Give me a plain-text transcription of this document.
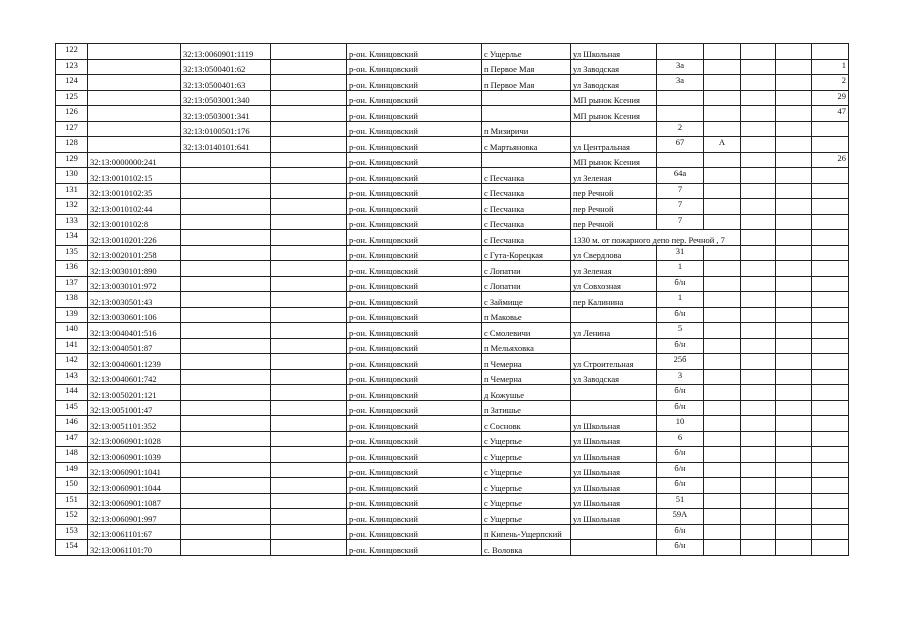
122		32:13:0060901:1119		р-он. Клинцовский	с Ущерлье	ул Школьная					
123		32:13:0500401:62		р-он. Клинцовский	п Первое Мая	ул Заводская	3а				1
124		32:13:0500401:63		р-он. Клинцовский	п Первое Мая	ул Заводская	3а				2
125		32:13:0503001:340		р-он. Клинцовский		МП рынок Ксения					29
126		32:13:0503001:341		р-он. Клинцовский		МП рынок Ксения					47
127		32:13:0100501:176		р-он. Клинцовский	п Мизиричи		2				
128		32:13:0140101:641		р-он. Клинцовский	с Мартьяновка	ул Центральная	67	А			
129	32:13:0000000:241			р-он. Клинцовский		МП рынок Ксения					26
130	32:13:0010102:15			р-он. Клинцовский	с Песчанка	ул Зеленая	64а				
131	32:13:0010102:35			р-он. Клинцовский	с Песчанка	пер Речной	7				
132	32:13:0010102:44			р-он. Клинцовский	с Песчанка	пер Речной	7				
133	32:13:0010102:8			р-он. Клинцовский	с Песчанка	пер Речной	7				
134	32:13:0010201:226			р-он. Клинцовский	с Песчанка	1330 м. от пожарного депо пер. Речной , 7					
135	32:13:0020101:258			р-он. Клинцовский	с Гута-Корецкая	ул Свердлова	31				
136	32:13:0030101:890			р-он. Клинцовский	с Лопатни	ул Зеленая	1				
137	32:13:0030101:972			р-он. Клинцовский	с Лопатни	ул Совхозная	б/н				
138	32:13:0030501:43			р-он. Клинцовский	с Займище	пер Калинина	1				
139	32:13:0030601:106			р-он. Клинцовский	п Маковье		б/н				
140	32:13:0040401:516			р-он. Клинцовский	с Смолевичи	ул Ленина	5				
141	32:13:0040501:87			р-он. Клинцовский	п Мельяховка		б/н				
142	32:13:0040601:1239			р-он. Клинцовский	п Чемерна	ул Строительная	25б				
143	32:13:0040601:742			р-он. Клинцовский	п Чемерна	ул Заводская	3				
144	32:13:0050201:121			р-он. Клинцовский	д Кожушье		б/н				
145	32:13:0051001:47			р-он. Клинцовский	п Затишье		б/н				
146	32:13:0051101:352			р-он. Клинцовский	с Сосновк	ул Школьная	10				
147	32:13:0060901:1028			р-он. Клинцовский	с Ущерпье	ул Школьная	6				
148	32:13:0060901:1039			р-он. Клинцовский	с Ущерпье	ул Школьная	б/н				
149	32:13:0060901:1041			р-он. Клинцовский	с Ущерпье	ул Школьная	б/н				
150	32:13:0060901:1044			р-он. Клинцовский	с Ущерпье	ул Школьная	б/н				
151	32:13:0060901:1087			р-он. Клинцовский	с Ущерпье	ул Школьная	51				
152	32:13:0060901:997			р-он. Клинцовский	с Ущерпье	ул Школьная	59А				
153	32:13:0061101:67			р-он. Клинцовский	п Кипень-Ущерпский		б/н				
154	32:13:0061101:70			р-он. Клинцовский	с. Воловка		б/н				
